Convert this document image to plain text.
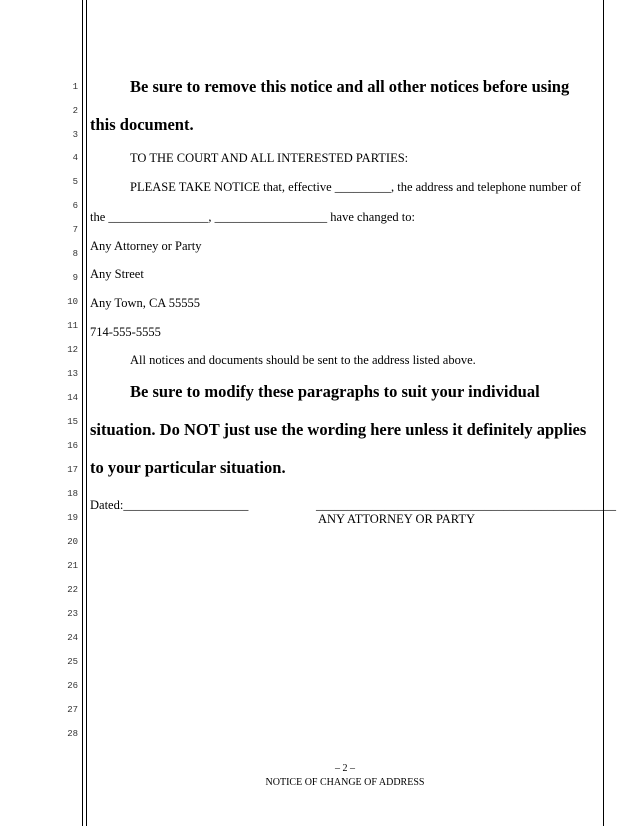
1
2
3
4
5
6
7
8
9
10
11
12
13
14
15
16
17
18
19
20
21
22
23
24
25
26
27
28
Be sure to remove this notice and all other notices before using
this document.
TO THE COURT AND ALL INTERESTED PARTIES:
PLEASE TAKE NOTICE that, effective _________, the address and telephone number of
the ________________, __________________ have changed to:
Any Attorney or Party
Any Street
Any Town, CA 55555
714-555-5555
All notices and documents should be sent to the address listed above.
Be sure to modify these paragraphs to suit your individual
situation. Do NOT just use the wording here unless it definitely applies
to your particular situation.
Dated:____________________	________________________________________________
ANY ATTORNEY OR PARTY
– 2 –
NOTICE OF CHANGE OF ADDRESS
